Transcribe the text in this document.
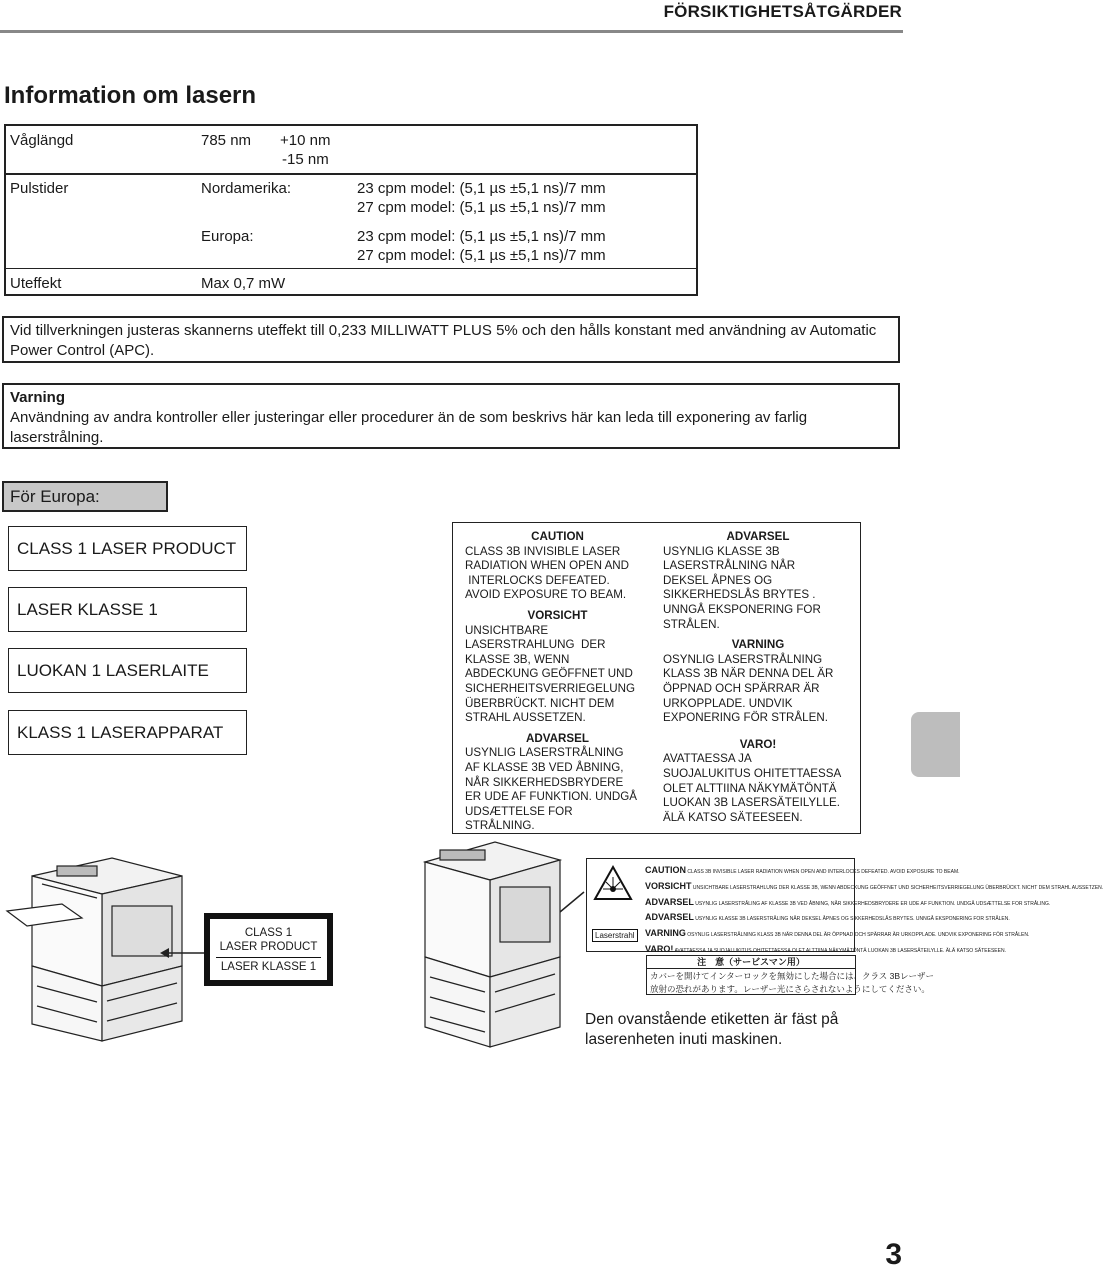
FÖRSIKTIGHETSÅTGÄRDER
Information om lasern
Våglängd	785 nm +10 nm
-15 nm
Pulstider	Nordamerika:	23 cpm model: (5,1 µs ±5,1 ns)/7 mm
27 cpm model: (5,1 µs ±5,1 ns)/7 mm
Europa:	23 cpm model: (5,1 µs ±5,1 ns)/7 mm
27 cpm model: (5,1 µs ±5,1 ns)/7 mm
Uteffekt	Max 0,7 mW
Vid tillverkningen justeras skannerns uteffekt till 0,233 MILLIWATT PLUS 5% och den hålls konstant med användning av Automatic Power Control (APC).
Varning
Användning av andra kontroller eller justeringar eller procedurer än de som beskrivs här kan leda till exponering av farlig laserstrålning.
För Europa:
CLASS 1 LASER PRODUCT
LASER KLASSE 1
LUOKAN 1 LASERLAITE
KLASS 1 LASERAPPARAT
CAUTION
CLASS 3B INVISIBLE LASER
RADIATION WHEN OPEN AND
INTERLOCKS DEFEATED.
AVOID EXPOSURE TO BEAM.
VORSICHT
UNSICHTBARE
LASERSTRAHLUNG  DER
KLASSE 3B, WENN
ABDECKUNG GEÖFFNET UND
SICHERHEITSVERRIEGELUNG
ÜBERBRÜCKT. NICHT DEM
STRAHL AUSSETZEN.
ADVARSEL
USYNLIG LASERSTRÅLNING
AF KLASSE 3B VED ÅBNING,
NÅR SIKKERHEDSBRYDERE
ER UDE AF FUNKTION. UNDGÅ
UDSÆTTELSE FOR
STRÅLNING.
ADVARSEL
USYNLIG KLASSE 3B
LASERSTRÅLNING NÅR
DEKSEL ÅPNES OG
SIKKERHEDSLÅS BRYTES .
UNNGÅ EKSPONERING FOR
STRÅLEN.
VARNING
OSYNLIG LASERSTRÅLNING
KLASS 3B NÄR DENNA DEL ÄR
ÖPPNAD OCH SPÄRRAR ÄR
URKOPPLADE. UNDVIK
EXPONERING FÖR STRÅLEN.
VARO!
AVATTAESSA JA
SUOJALUKITUS OHITETTAESSA
OLET ALTTIINA NÄKYMÄTÖNTÄ
LUOKAN 3B LASERSÄTEILYLLE.
ÄLÄ KATSO SÄTEESEEN.
CLASS 1
LASER PRODUCT
LASER KLASSE 1
Laserstrahl
CAUTION CLASS 3B INVISIBLE LASER RADIATION WHEN OPEN AND INTERLOCKS DEFEATED. AVOID EXPOSURE TO BEAM.
VORSICHT UNSICHTBARE LASERSTRAHLUNG DER KLASSE 3B, WENN ABDECKUNG GEÖFFNET UND SICHERHEITSVERRIEGELUNG ÜBERBRÜCKT. NICHT DEM STRAHL AUSSETZEN.
ADVARSEL USYNLIG LASERSTRÅLING AF KLASSE 3B VED ÅBNING, NÅR SIKKERHEDSBRYDERE ER UDE AF FUNKTION. UNDGÅ UDSÆTTELSE FOR STRÅLING.
ADVARSEL USYNLIG KLASSE 3B LASERSTRÅLING NÅR DEKSEL ÅPNES OG SIKKERHEDSLÅS BRYTES. UNNGÅ EKSPONERING FOR STRÅLEN.
VARNING OSYNLIG LASERSTRÅLNING KLASS 3B NÄR DENNA DEL ÄR ÖPPNAD OCH SPÄRRAR ÄR URKOPPLADE. UNDVIK EXPONERING FÖR STRÅLEN.
VARO! AVATTAESSA JA SUOJALUKITUS OHITETTAESSA OLET ALTTIINA NÄKYMÄTÖNTÄ LUOKAN 3B LASERSÄTEILYLLE. ÄLÄ KATSO SÄTEESEEN.
注　意（サービスマン用）
カバーを開けてインターロックを無効にした場合には、クラス 3Bレーザー
放射の恐れがあります。レーザー光にさらされないようにしてください。
Den ovanstående etiketten är fäst på
laserenheten inuti maskinen.
3
